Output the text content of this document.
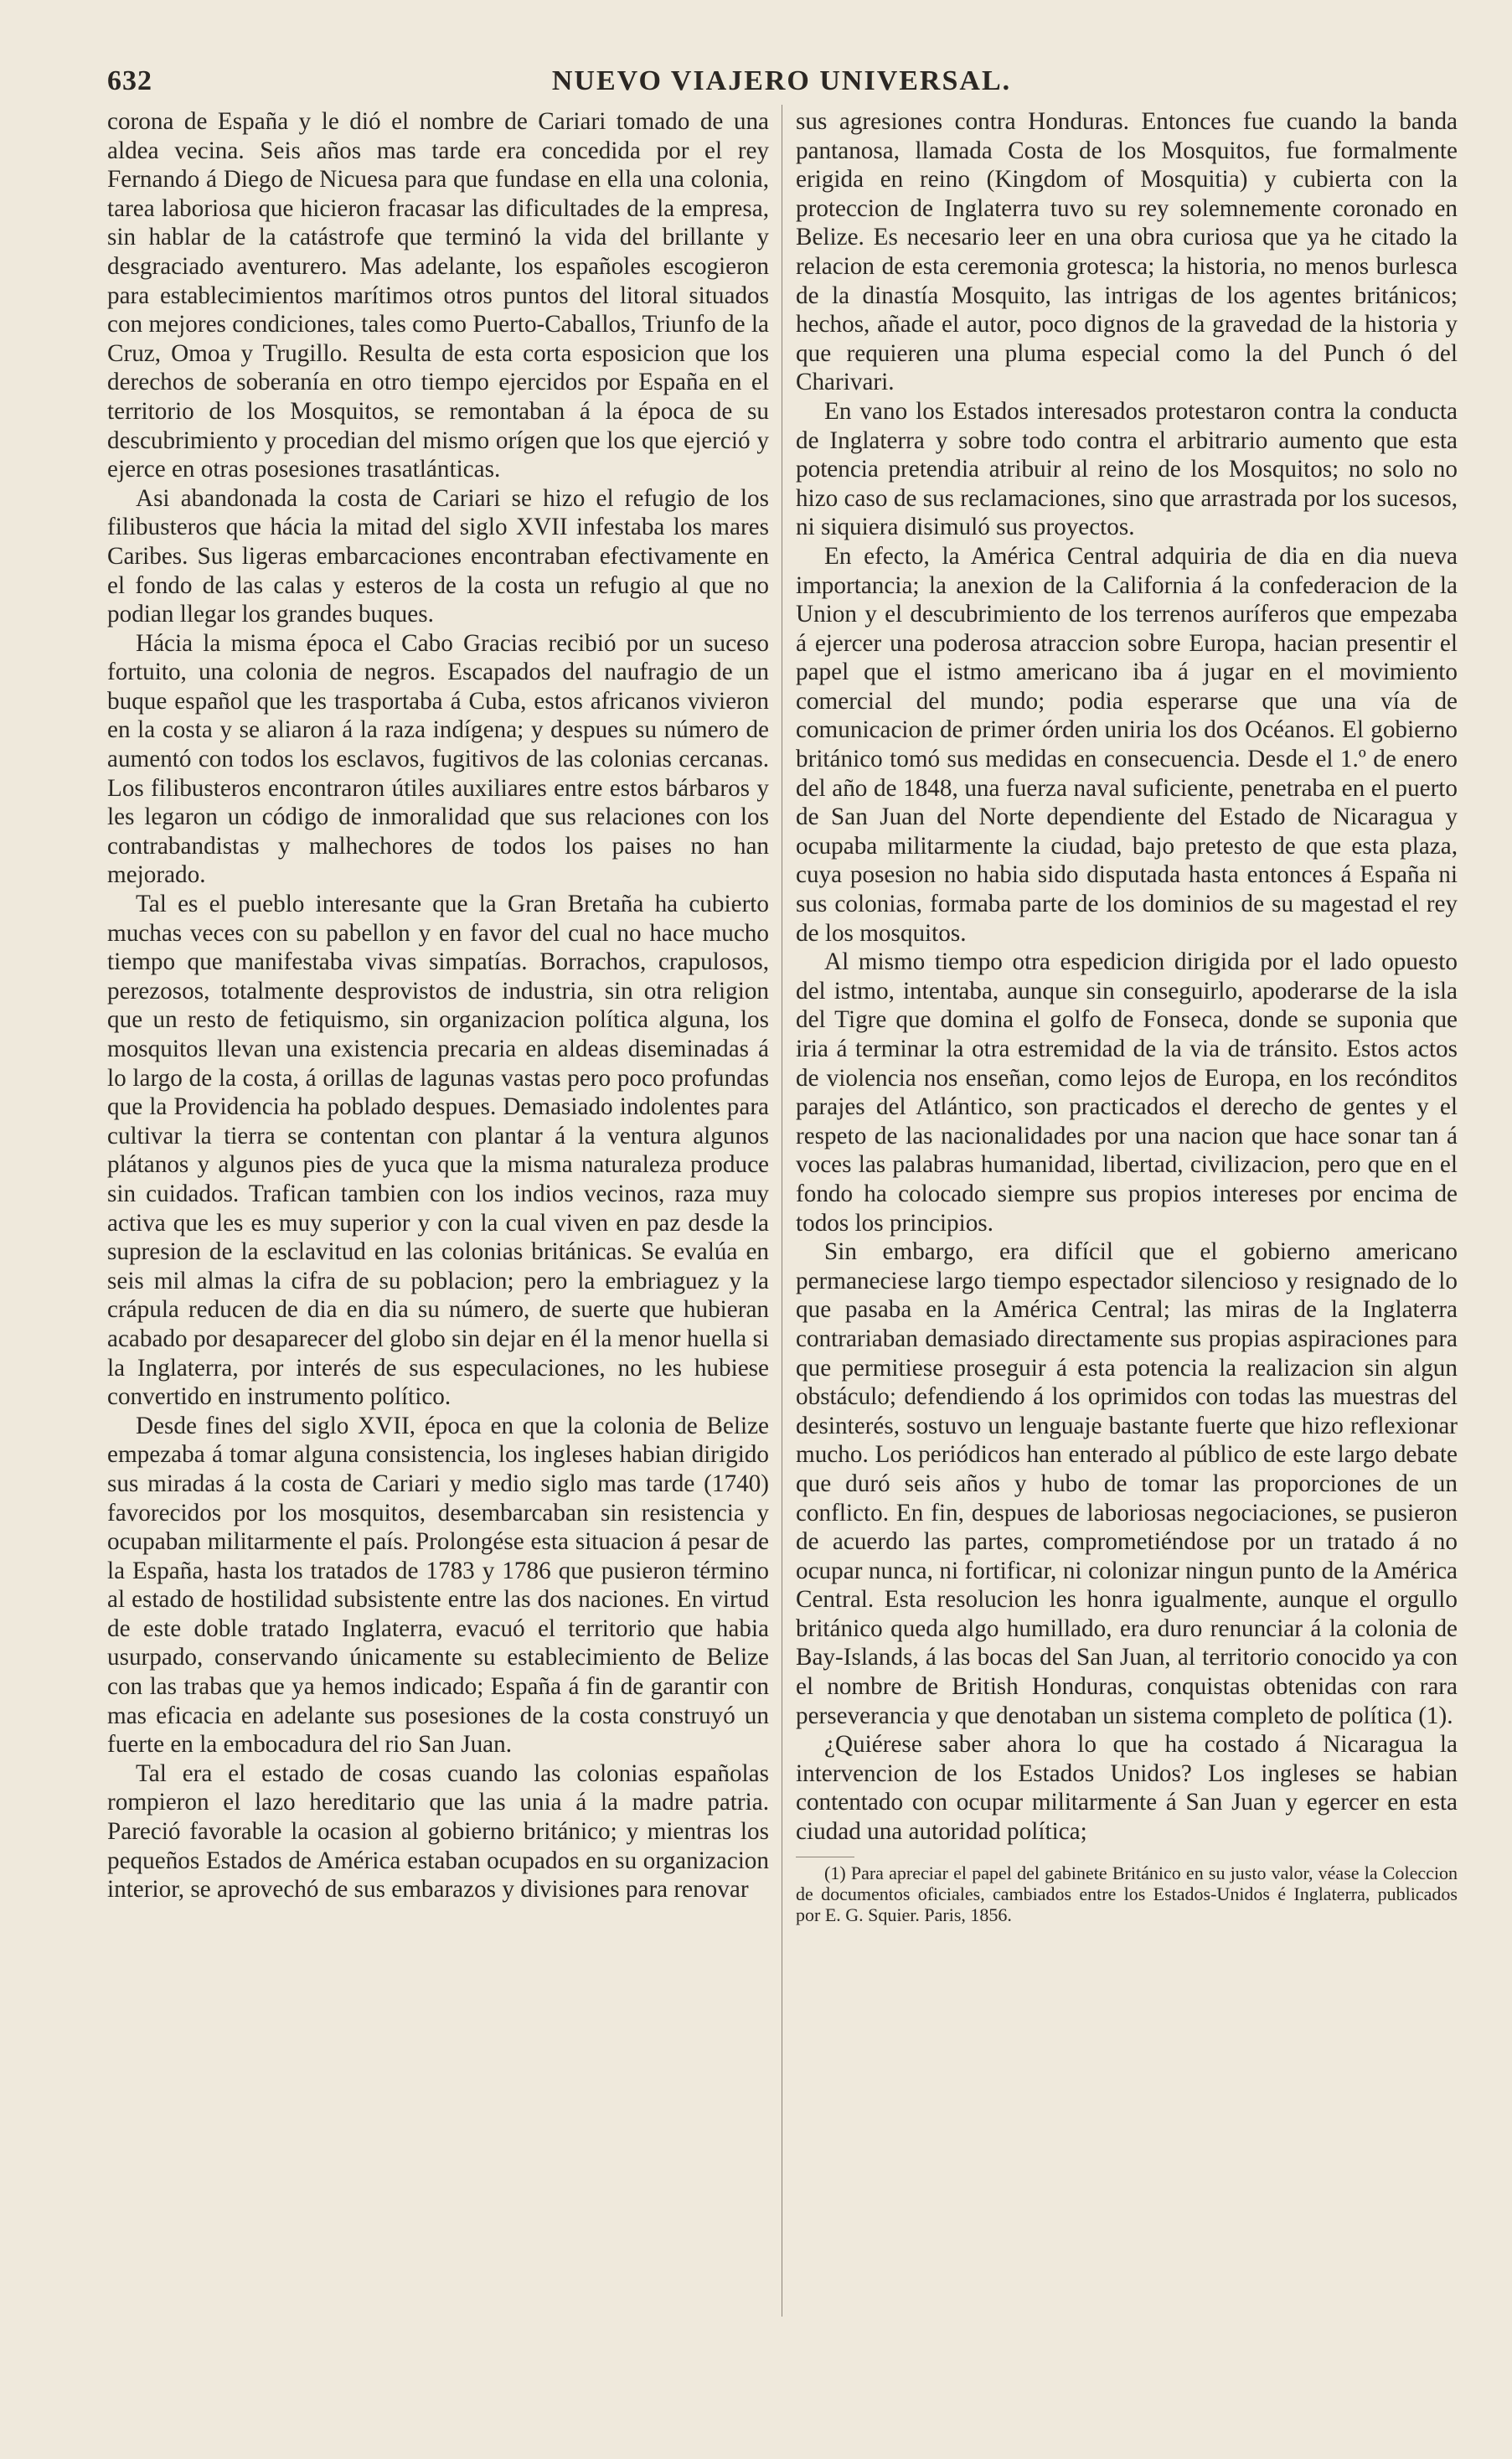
632	NUEVO VIAJERO UNIVERSAL.

corona de España y le dió el nombre de Cariari tomado de una aldea vecina. Seis años mas tarde era concedida por el rey Fernando á Diego de Nicuesa para que fundase en ella una colonia, tarea laboriosa que hicieron fracasar las dificultades de la empresa, sin hablar de la catástrofe que terminó la vida del brillante y desgraciado aventurero. Mas adelante, los españoles escogieron para establecimientos marítimos otros puntos del litoral situados con mejores condiciones, tales como Puerto-Caballos, Triunfo de la Cruz, Omoa y Trugillo. Resulta de esta corta esposicion que los derechos de soberanía en otro tiempo ejercidos por España en el territorio de los Mosquitos, se remontaban á la época de su descubrimiento y procedian del mismo orígen que los que ejerció y ejerce en otras posesiones trasatlánticas.

Asi abandonada la costa de Cariari se hizo el refugio de los filibusteros que hácia la mitad del siglo XVII infestaba los mares Caribes. Sus ligeras embarcaciones encontraban efectivamente en el fondo de las calas y esteros de la costa un refugio al que no podian llegar los grandes buques.

Hácia la misma época el Cabo Gracias recibió por un suceso fortuito, una colonia de negros. Escapados del naufragio de un buque español que les trasportaba á Cuba, estos africanos vivieron en la costa y se aliaron á la raza indígena; y despues su número de aumentó con todos los esclavos, fugitivos de las colonias cercanas. Los filibusteros encontraron útiles auxiliares entre estos bárbaros y les legaron un código de inmoralidad que sus relaciones con los contrabandistas y malhechores de todos los paises no han mejorado.

Tal es el pueblo interesante que la Gran Bretaña ha cubierto muchas veces con su pabellon y en favor del cual no hace mucho tiempo que manifestaba vivas simpatías. Borrachos, crapulosos, perezosos, totalmente desprovistos de industria, sin otra religion que un resto de fetiquismo, sin organizacion política alguna, los mosquitos llevan una existencia precaria en aldeas diseminadas á lo largo de la costa, á orillas de lagunas vastas pero poco profundas que la Providencia ha poblado despues. Demasiado indolentes para cultivar la tierra se contentan con plantar á la ventura algunos plátanos y algunos pies de yuca que la misma naturaleza produce sin cuidados. Trafican tambien con los indios vecinos, raza muy activa que les es muy superior y con la cual viven en paz desde la supresion de la esclavitud en las colonias británicas. Se evalúa en seis mil almas la cifra de su poblacion; pero la embriaguez y la crápula reducen de dia en dia su número, de suerte que hubieran acabado por desaparecer del globo sin dejar en él la menor huella si la Inglaterra, por interés de sus especulaciones, no les hubiese convertido en instrumento político.

Desde fines del siglo XVII, época en que la colonia de Belize empezaba á tomar alguna consistencia, los ingleses habian dirigido sus miradas á la costa de Cariari y medio siglo mas tarde (1740) favorecidos por los mosquitos, desembarcaban sin resistencia y ocupaban militarmente el país. Prolongése esta situacion á pesar de la España, hasta los tratados de 1783 y 1786 que pusieron término al estado de hostilidad subsistente entre las dos naciones. En virtud de este doble tratado Inglaterra, evacuó el territorio que habia usurpado, conservando únicamente su establecimiento de Belize con las trabas que ya hemos indicado; España á fin de garantir con mas eficacia en adelante sus posesiones de la costa construyó un fuerte en la embocadura del rio San Juan.

Tal era el estado de cosas cuando las colonias españolas rompieron el lazo hereditario que las unia á la madre patria. Pareció favorable la ocasion al gobierno británico; y mientras los pequeños Estados de América estaban ocupados en su organizacion interior, se aprovechó de sus embarazos y divisiones para renovar

sus agresiones contra Honduras. Entonces fue cuando la banda pantanosa, llamada Costa de los Mosquitos, fue formalmente erigida en reino (Kingdom of Mosquitia) y cubierta con la proteccion de Inglaterra tuvo su rey solemnemente coronado en Belize. Es necesario leer en una obra curiosa que ya he citado la relacion de esta ceremonia grotesca; la historia, no menos burlesca de la dinastía Mosquito, las intrigas de los agentes británicos; hechos, añade el autor, poco dignos de la gravedad de la historia y que requieren una pluma especial como la del Punch ó del Charivari.

En vano los Estados interesados protestaron contra la conducta de Inglaterra y sobre todo contra el arbitrario aumento que esta potencia pretendia atribuir al reino de los Mosquitos; no solo no hizo caso de sus reclamaciones, sino que arrastrada por los sucesos, ni siquiera disimuló sus proyectos.

En efecto, la América Central adquiria de dia en dia nueva importancia; la anexion de la California á la confederacion de la Union y el descubrimiento de los terrenos auríferos que empezaba á ejercer una poderosa atraccion sobre Europa, hacian presentir el papel que el istmo americano iba á jugar en el movimiento comercial del mundo; podia esperarse que una vía de comunicacion de primer órden uniria los dos Océanos. El gobierno británico tomó sus medidas en consecuencia. Desde el 1.º de enero del año de 1848, una fuerza naval suficiente, penetraba en el puerto de San Juan del Norte dependiente del Estado de Nicaragua y ocupaba militarmente la ciudad, bajo pretesto de que esta plaza, cuya posesion no habia sido disputada hasta entonces á España ni sus colonias, formaba parte de los dominios de su magestad el rey de los mosquitos.

Al mismo tiempo otra espedicion dirigida por el lado opuesto del istmo, intentaba, aunque sin conseguirlo, apoderarse de la isla del Tigre que domina el golfo de Fonseca, donde se suponia que iria á terminar la otra estremidad de la via de tránsito. Estos actos de violencia nos enseñan, como lejos de Europa, en los recónditos parajes del Atlántico, son practicados el derecho de gentes y el respeto de las nacionalidades por una nacion que hace sonar tan á voces las palabras humanidad, libertad, civilizacion, pero que en el fondo ha colocado siempre sus propios intereses por encima de todos los principios.

Sin embargo, era difícil que el gobierno americano permaneciese largo tiempo espectador silencioso y resignado de lo que pasaba en la América Central; las miras de la Inglaterra contrariaban demasiado directamente sus propias aspiraciones para que permitiese proseguir á esta potencia la realizacion sin algun obstáculo; defendiendo á los oprimidos con todas las muestras del desinterés, sostuvo un lenguaje bastante fuerte que hizo reflexionar mucho. Los periódicos han enterado al público de este largo debate que duró seis años y hubo de tomar las proporciones de un conflicto. En fin, despues de laboriosas negociaciones, se pusieron de acuerdo las partes, comprometiéndose por un tratado á no ocupar nunca, ni fortificar, ni colonizar ningun punto de la América Central. Esta resolucion les honra igualmente, aunque el orgullo británico queda algo humillado, era duro renunciar á la colonia de Bay-Islands, á las bocas del San Juan, al territorio conocido ya con el nombre de British Honduras, conquistas obtenidas con rara perseverancia y que denotaban un sistema completo de política (1).

¿Quiérese saber ahora lo que ha costado á Nicaragua la intervencion de los Estados Unidos? Los ingleses se habian contentado con ocupar militarmente á San Juan y egercer en esta ciudad una autoridad política;

(1) Para apreciar el papel del gabinete Británico en su justo valor, véase la Coleccion de documentos oficiales, cambiados entre los Estados-Unidos é Inglaterra, publicados por E. G. Squier. Paris, 1856.
